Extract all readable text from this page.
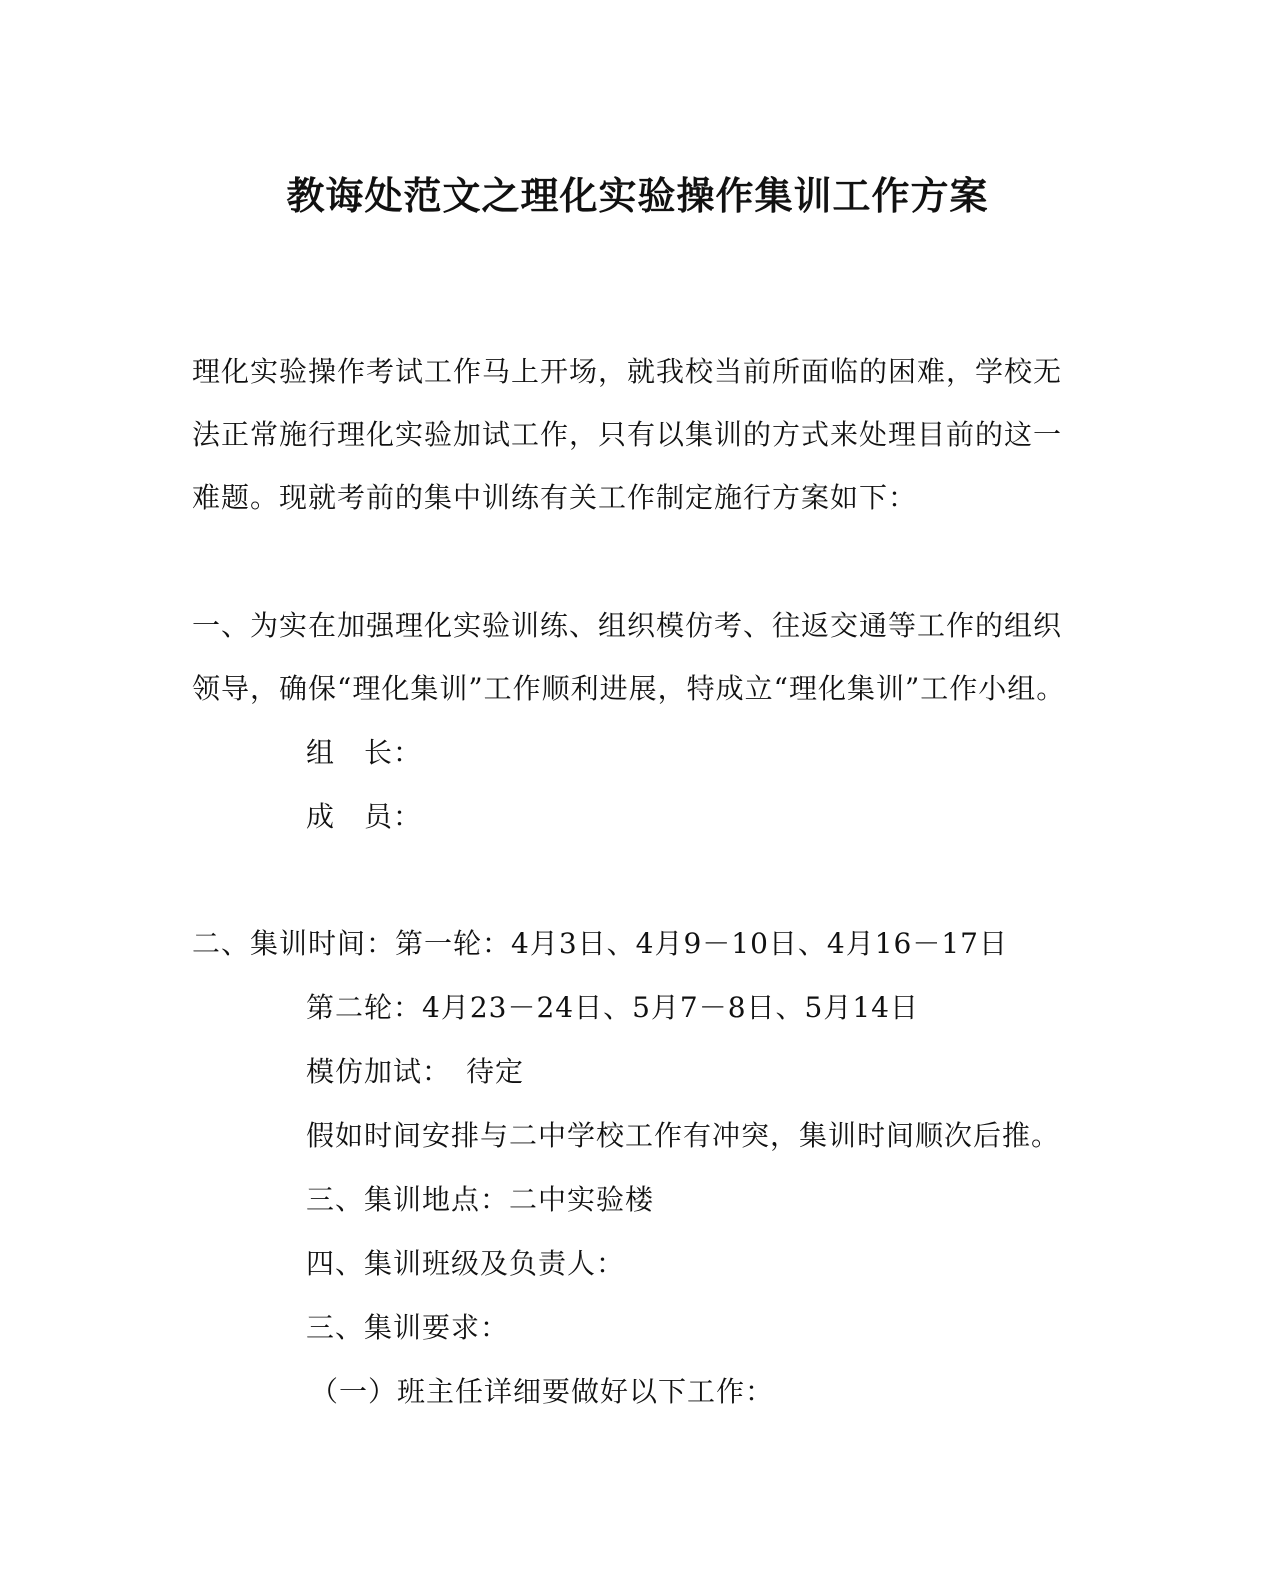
教诲处范文之理化实验操作集训工作方案
理化实验操作考试工作马上开场，就我校当前所面临的困难，学校无
法正常施行理化实验加试工作，只有以集训的方式来处理目前的这一
难题。现就考前的集中训练有关工作制定施行方案如下：
一、为实在加强理化实验训练、组织模仿考、往返交通等工作的组织
领导，确保“理化集训”工作顺利进展，特成立“理化集训”工作小组。
组长：
成员：
二、集训时间：第一轮：4月3日、4月9－10日、4月16－17日
第二轮：4月23－24日、5月7－8日、5月14日
模仿加试：　待定
假如时间安排与二中学校工作有冲突，集训时间顺次后推。
三、集训地点：二中实验楼
四、集训班级及负责人：
三、集训要求：
（一）班主任详细要做好以下工作：
